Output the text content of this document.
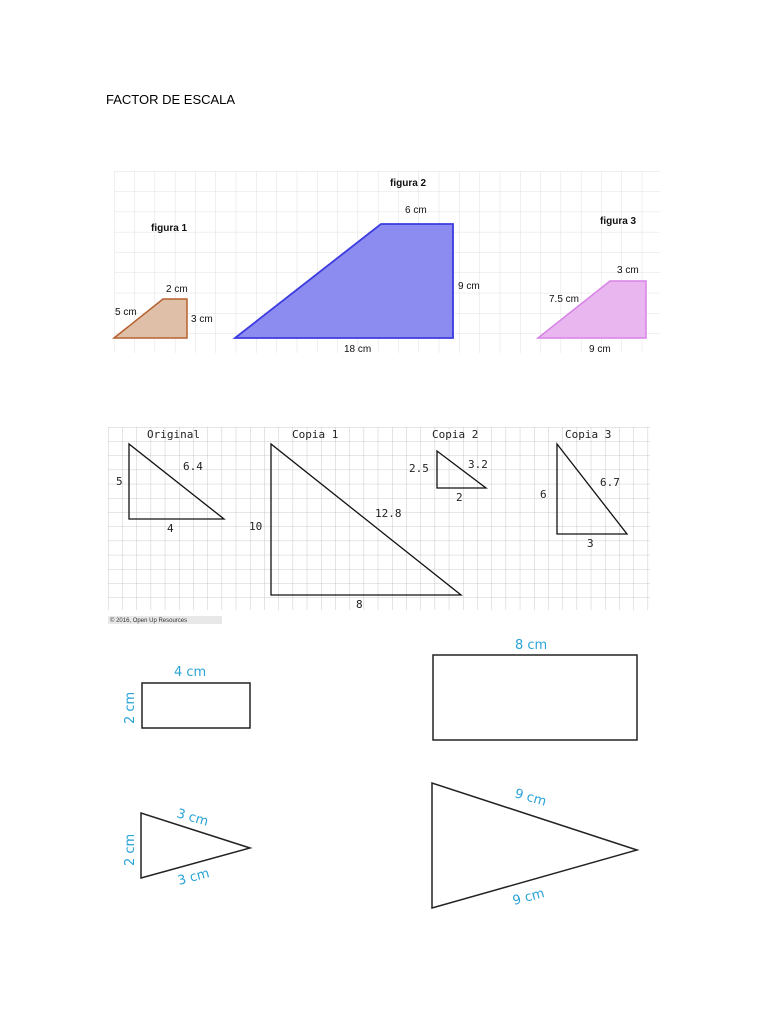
FACTOR DE ESCALA
figura 1
2 cm
3 cm
5 cm
figura 2
6 cm
9 cm
18 cm
figura 3
3 cm
7.5 cm
9 cm
Original
5
6.4
4
Copia 1
10
12.8
8
Copia 2
2.5	3.2
2
Copia 3
6
6.7
3
© 2016, Open Up Resources
4 cm
2 cm
8 cm
3 cm
3 cm
2 cm
9 cm
9 cm
